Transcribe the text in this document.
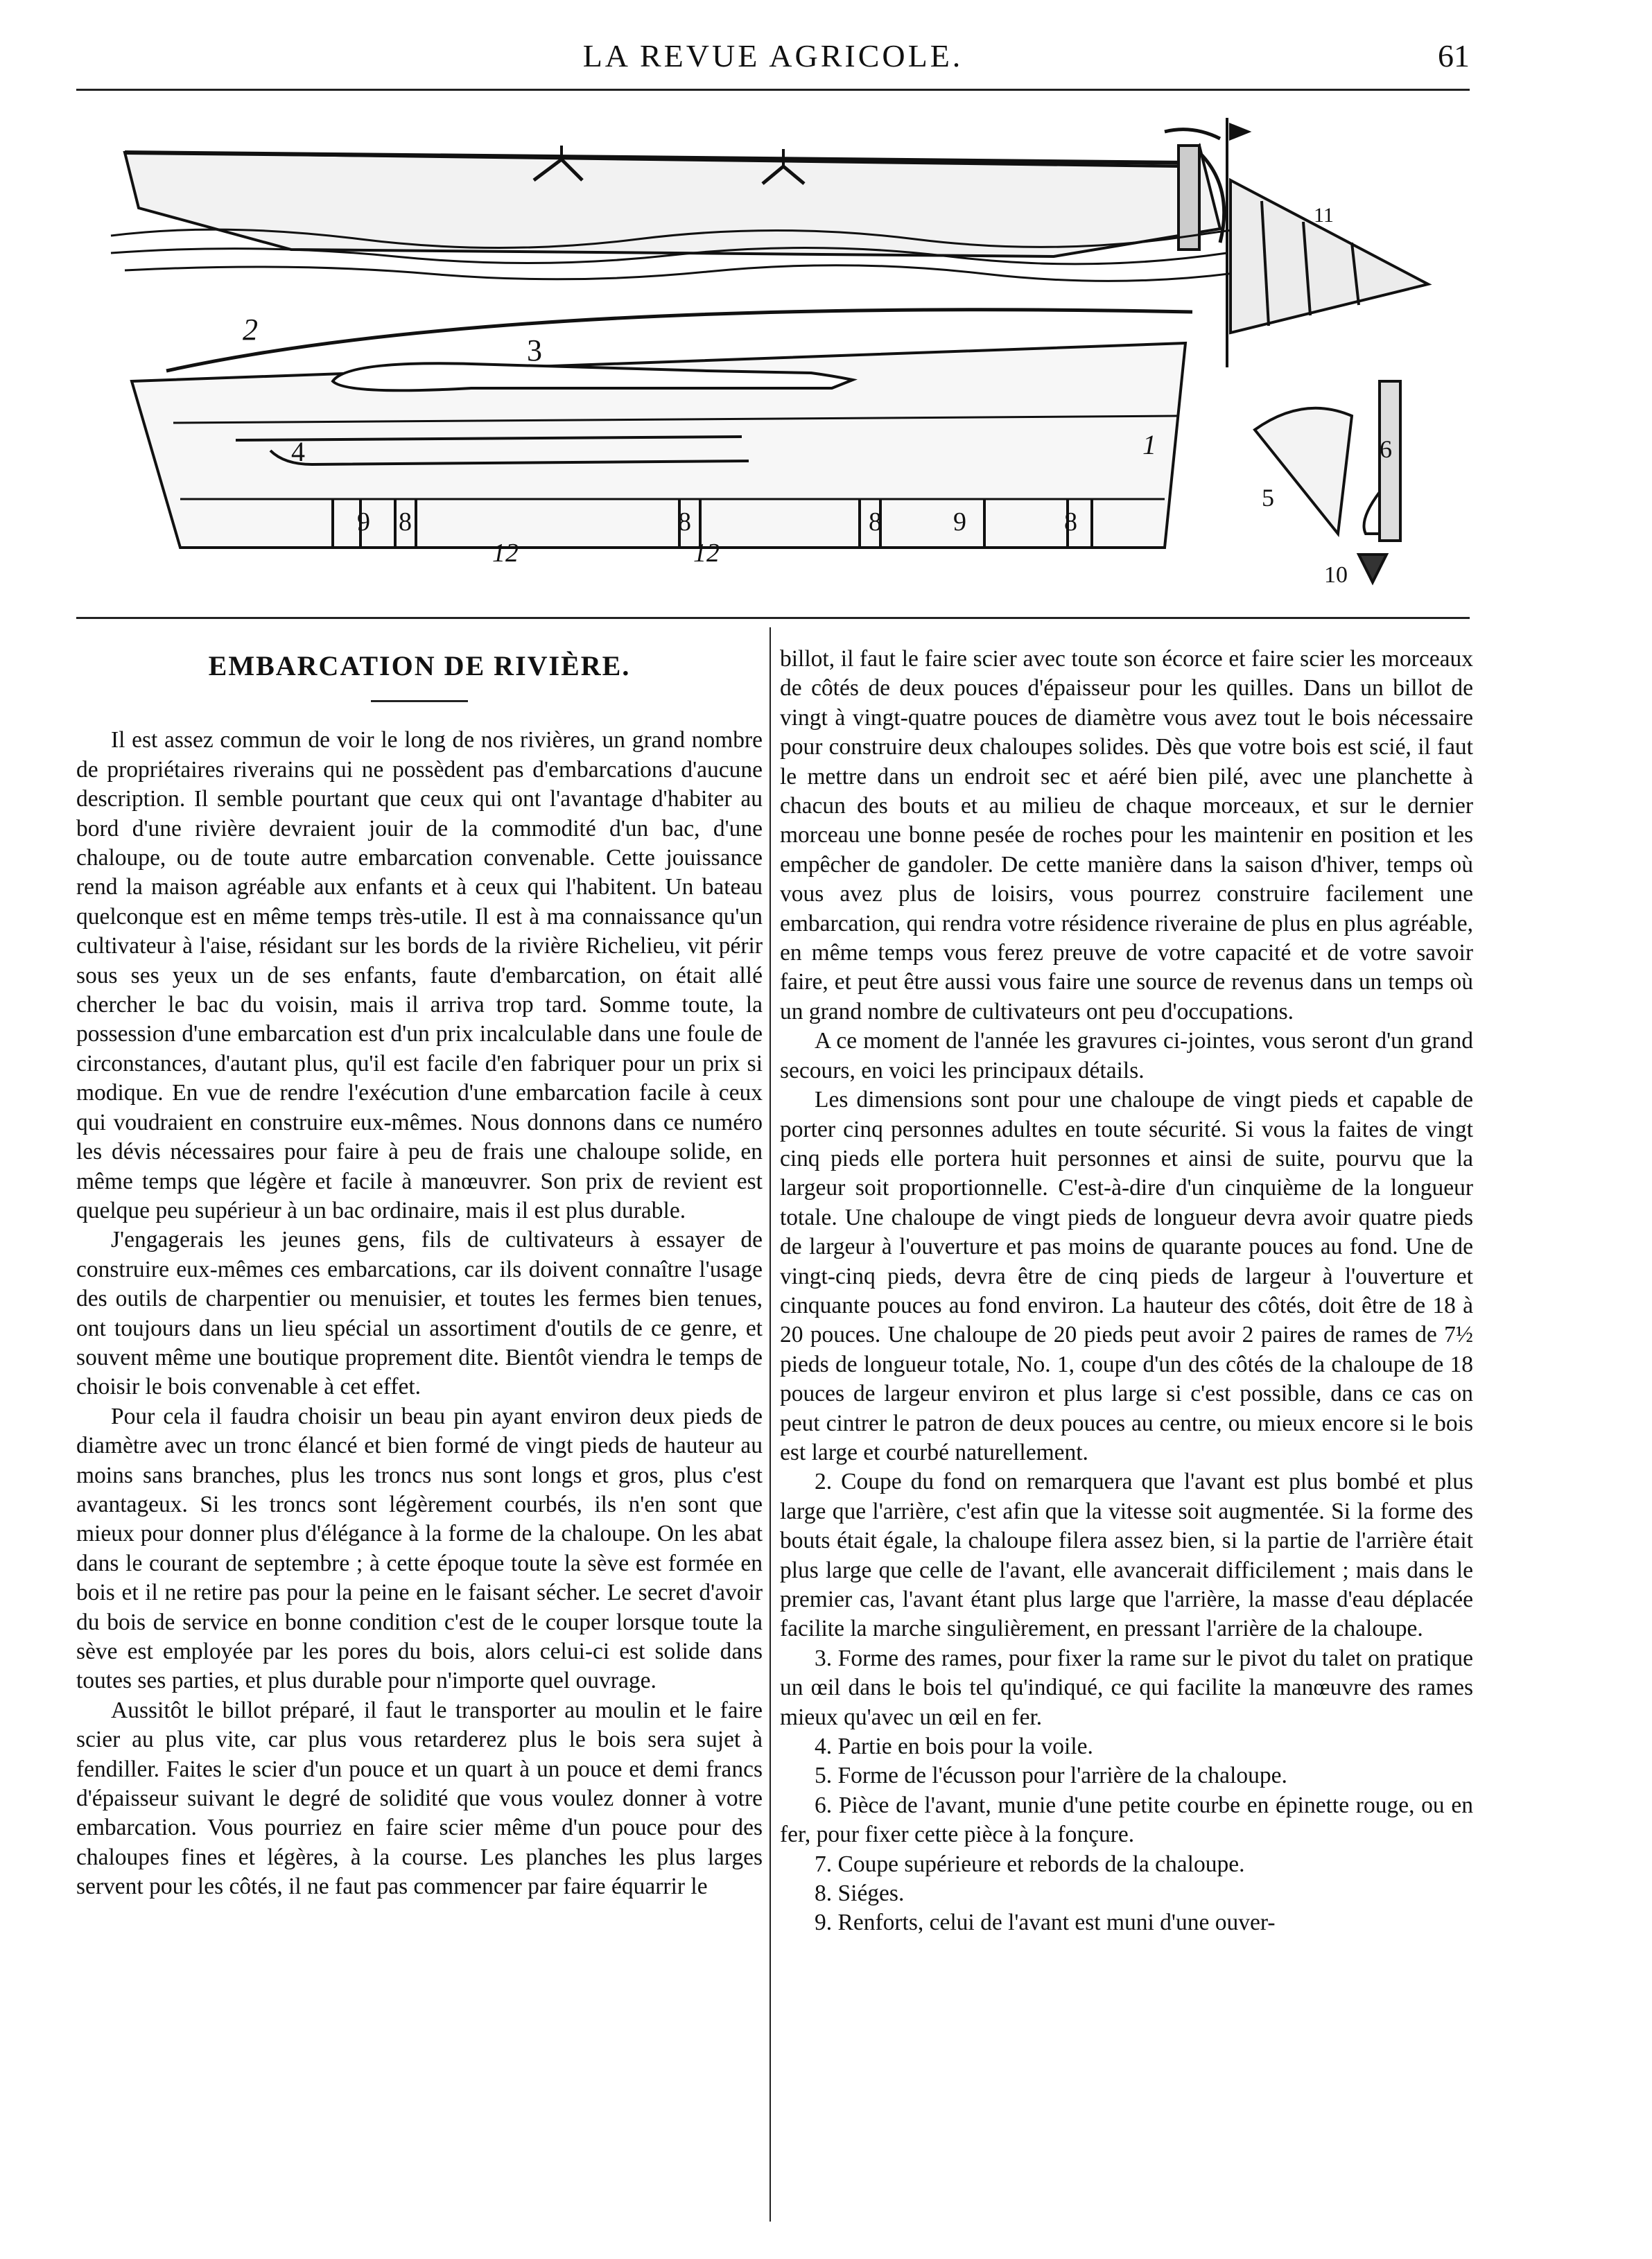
LA REVUE AGRICOLE.	61
11
2
3
4	1
9 8	8	8	9	8
12	12
6
5
10
EMBARCATION DE RIVIÈRE.

Il est assez commun de voir le long de nos rivières, un grand nombre de propriétaires riverains qui ne possèdent pas d'embarcations d'aucune description. Il semble pourtant que ceux qui ont l'avantage d'habiter au bord d'une rivière devraient jouir de la commodité d'un bac, d'une chaloupe, ou de toute autre embarcation convenable. Cette jouissance rend la maison agréable aux enfants et à ceux qui l'habitent. Un bateau quelconque est en même temps très-utile. Il est à ma connaissance qu'un cultivateur à l'aise, résidant sur les bords de la rivière Richelieu, vit périr sous ses yeux un de ses enfants, faute d'embarcation, on était allé chercher le bac du voisin, mais il arriva trop tard. Somme toute, la possession d'une embarcation est d'un prix incalculable dans une foule de circonstances, d'autant plus, qu'il est facile d'en fabriquer pour un prix si modique. En vue de rendre l'exécution d'une embarcation facile à ceux qui voudraient en construire eux-mêmes. Nous donnons dans ce numéro les dévis nécessaires pour faire à peu de frais une chaloupe solide, en même temps que légère et facile à manœuvrer. Son prix de revient est quelque peu supérieur à un bac ordinaire, mais il est plus durable.

J'engagerais les jeunes gens, fils de cultivateurs à essayer de construire eux-mêmes ces embarcations, car ils doivent connaître l'usage des outils de charpentier ou menuisier, et toutes les fermes bien tenues, ont toujours dans un lieu spécial un assortiment d'outils de ce genre, et souvent même une boutique proprement dite. Bientôt viendra le temps de choisir le bois convenable à cet effet.

Pour cela il faudra choisir un beau pin ayant environ deux pieds de diamètre avec un tronc élancé et bien formé de vingt pieds de hauteur au moins sans branches, plus les troncs nus sont longs et gros, plus c'est avantageux. Si les troncs sont légèrement courbés, ils n'en sont que mieux pour donner plus d'élégance à la forme de la chaloupe. On les abat dans le courant de septembre ; à cette époque toute la sève est formée en bois et il ne retire pas pour la peine en le faisant sécher. Le secret d'avoir du bois de service en bonne condition c'est de le couper lorsque toute la sève est employée par les pores du bois, alors celui-ci est solide dans toutes ses parties, et plus durable pour n'importe quel ouvrage.

Aussitôt le billot préparé, il faut le transporter au moulin et le faire scier au plus vite, car plus vous retarderez plus le bois sera sujet à fendiller. Faites le scier d'un pouce et un quart à un pouce et demi francs d'épaisseur suivant le degré de solidité que vous voulez donner à votre embarcation. Vous pourriez en faire scier même d'un pouce pour des chaloupes fines et légères, à la course. Les planches les plus larges servent pour les côtés, il ne faut pas commencer par faire équarrir le

billot, il faut le faire scier avec toute son écorce et faire scier les morceaux de côtés de deux pouces d'épaisseur pour les quilles. Dans un billot de vingt à vingt-quatre pouces de diamètre vous avez tout le bois nécessaire pour construire deux chaloupes solides. Dès que votre bois est scié, il faut le mettre dans un endroit sec et aéré bien pilé, avec une planchette à chacun des bouts et au milieu de chaque morceaux, et sur le dernier morceau une bonne pesée de roches pour les maintenir en position et les empêcher de gandoler. De cette manière dans la saison d'hiver, temps où vous avez plus de loisirs, vous pourrez construire facilement une embarcation, qui rendra votre résidence riveraine de plus en plus agréable, en même temps vous ferez preuve de votre capacité et de votre savoir faire, et peut être aussi vous faire une source de revenus dans un temps où un grand nombre de cultivateurs ont peu d'occupations.

A ce moment de l'année les gravures ci-jointes, vous seront d'un grand secours, en voici les principaux détails.

Les dimensions sont pour une chaloupe de vingt pieds et capable de porter cinq personnes adultes en toute sécurité. Si vous la faites de vingt cinq pieds elle portera huit personnes et ainsi de suite, pourvu que la largeur soit proportionnelle. C'est-à-dire d'un cinquième de la longueur totale. Une chaloupe de vingt pieds de longueur devra avoir quatre pieds de largeur à l'ouverture et pas moins de quarante pouces au fond. Une de vingt-cinq pieds, devra être de cinq pieds de largeur à l'ouverture et cinquante pouces au fond environ. La hauteur des côtés, doit être de 18 à 20 pouces. Une chaloupe de 20 pieds peut avoir 2 paires de rames de 7½ pieds de longueur totale, No. 1, coupe d'un des côtés de la chaloupe de 18 pouces de largeur environ et plus large si c'est possible, dans ce cas on peut cintrer le patron de deux pouces au centre, ou mieux encore si le bois est large et courbé naturellement.

2. Coupe du fond on remarquera que l'avant est plus bombé et plus large que l'arrière, c'est afin que la vitesse soit augmentée. Si la forme des bouts était égale, la chaloupe filera assez bien, si la partie de l'arrière était plus large que celle de l'avant, elle avancerait difficilement ; mais dans le premier cas, l'avant étant plus large que l'arrière, la masse d'eau déplacée facilite la marche singulièrement, en pressant l'arrière de la chaloupe.

3. Forme des rames, pour fixer la rame sur le pivot du talet on pratique un œil dans le bois tel qu'indiqué, ce qui facilite la manœuvre des rames mieux qu'avec un œil en fer.

4. Partie en bois pour la voile.

5. Forme de l'écusson pour l'arrière de la chaloupe.

6. Pièce de l'avant, munie d'une petite courbe en épinette rouge, ou en fer, pour fixer cette pièce à la fonçure.

7. Coupe supérieure et rebords de la chaloupe.

8. Siéges.

9. Renforts, celui de l'avant est muni d'une ouver-
